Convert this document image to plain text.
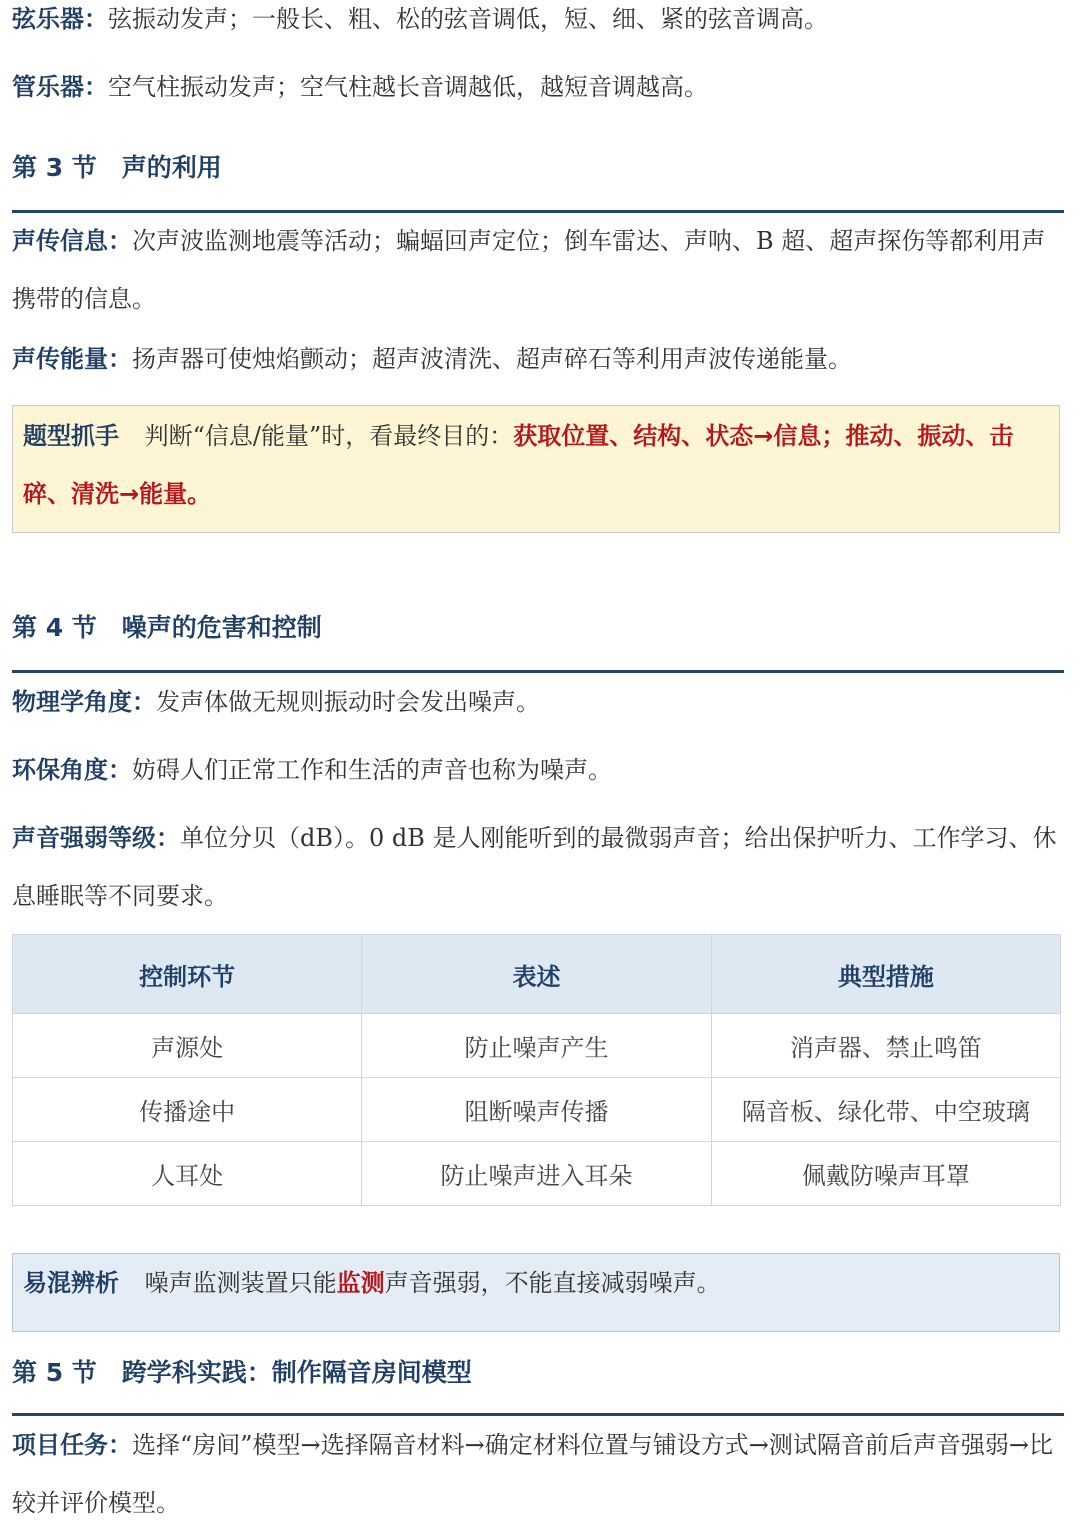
弦乐器：弦振动发声；一般长、粗、松的弦音调低，短、细、紧的弦音调高。
管乐器：空气柱振动发声；空气柱越长音调越低，越短音调越高。
第 3 节　声的利用
声传信息：次声波监测地震等活动；蝙蝠回声定位；倒车雷达、声呐、B 超、超声探伤等都利用声携带的信息。
声传能量：扬声器可使烛焰颤动；超声波清洗、超声碎石等利用声波传递能量。
题型抓手 判断“信息/能量”时，看最终目的：获取位置、结构、状态→信息；推动、振动、击碎、清洗→能量。
第 4 节　噪声的危害和控制
物理学角度：发声体做无规则振动时会发出噪声。
环保角度：妨碍人们正常工作和生活的声音也称为噪声。
声音强弱等级：单位分贝（dB）。0 dB 是人刚能听到的最微弱声音；给出保护听力、工作学习、休息睡眠等不同要求。
控制环节	表述	典型措施
声源处	防止噪声产生	消声器、禁止鸣笛
传播途中	阻断噪声传播	隔音板、绿化带、中空玻璃
人耳处	防止噪声进入耳朵	佩戴防噪声耳罩
易混辨析 噪声监测装置只能监测声音强弱，不能直接减弱噪声。
第 5 节　跨学科实践：制作隔音房间模型
项目任务：选择“房间”模型→选择隔音材料→确定材料位置与铺设方式→测试隔音前后声音强弱→比较并评价模型。
